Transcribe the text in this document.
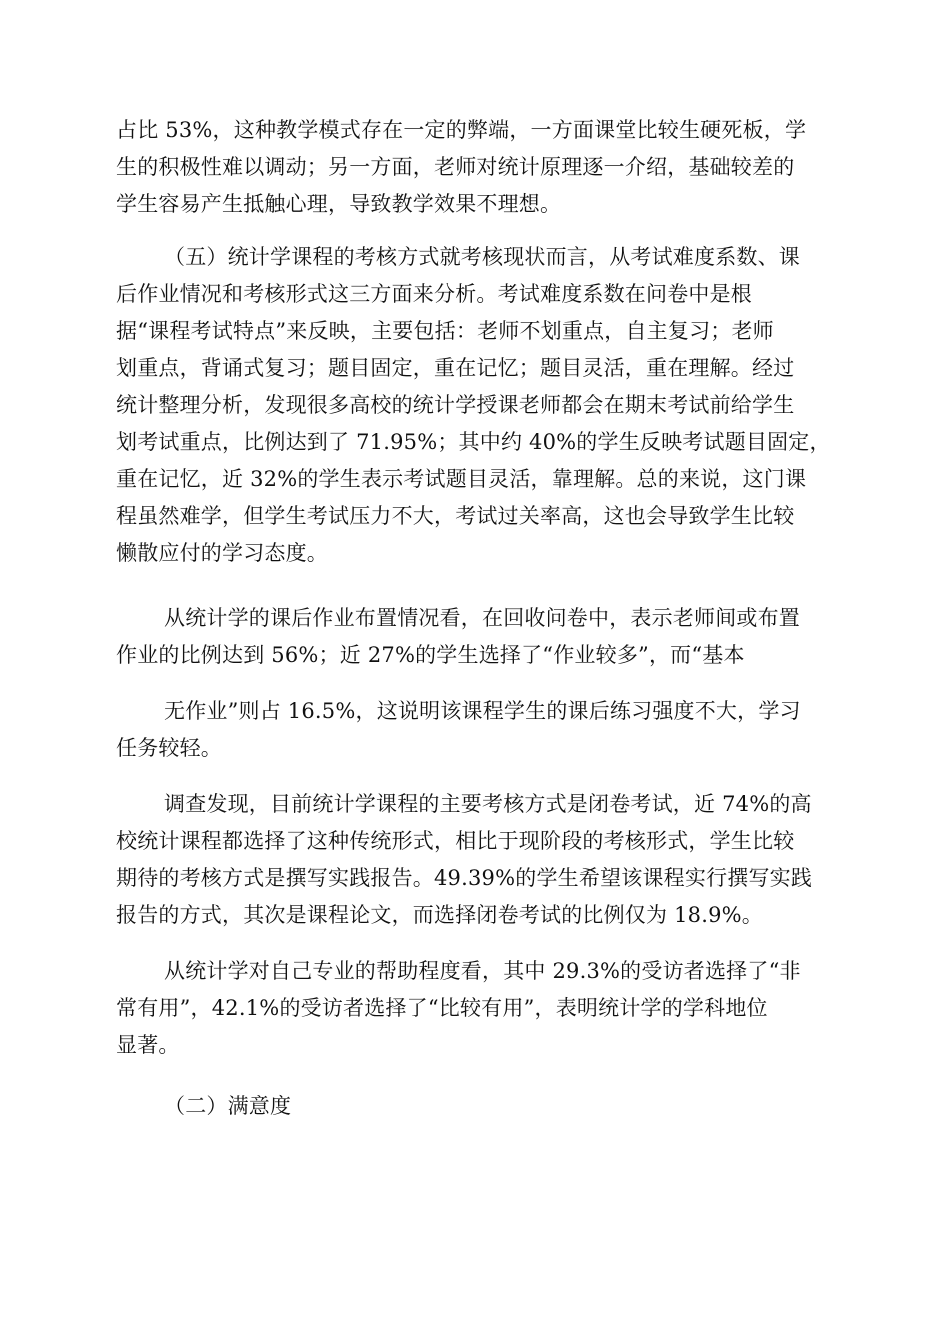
占比 53%，这种教学模式存在一定的弊端，一方面课堂比较生硬死板，学
生的积极性难以调动；另一方面，老师对统计原理逐一介绍，基础较差的
学生容易产生抵触心理，导致教学效果不理想。
（五）统计学课程的考核方式就考核现状而言，从考试难度系数、课
后作业情况和考核形式这三方面来分析。考试难度系数在问卷中是根
据“课程考试特点”来反映，主要包括：老师不划重点，自主复习；老师
划重点，背诵式复习；题目固定，重在记忆；题目灵活，重在理解。经过
统计整理分析，发现很多高校的统计学授课老师都会在期末考试前给学生
划考试重点，比例达到了 71.95%；其中约 40%的学生反映考试题目固定，
重在记忆，近 32%的学生表示考试题目灵活，靠理解。总的来说，这门课
程虽然难学，但学生考试压力不大，考试过关率高，这也会导致学生比较
懒散应付的学习态度。
从统计学的课后作业布置情况看，在回收问卷中，表示老师间或布置
作业的比例达到 56%；近 27%的学生选择了“作业较多”，而“基本
无作业”则占 16.5%，这说明该课程学生的课后练习强度不大，学习
任务较轻。
调查发现，目前统计学课程的主要考核方式是闭卷考试，近 74%的高
校统计课程都选择了这种传统形式，相比于现阶段的考核形式，学生比较
期待的考核方式是撰写实践报告。49.39%的学生希望该课程实行撰写实践
报告的方式，其次是课程论文，而选择闭卷考试的比例仅为 18.9%。
从统计学对自己专业的帮助程度看，其中 29.3%的受访者选择了“非
常有用”，42.1%的受访者选择了“比较有用”，表明统计学的学科地位
显著。
（二）满意度
